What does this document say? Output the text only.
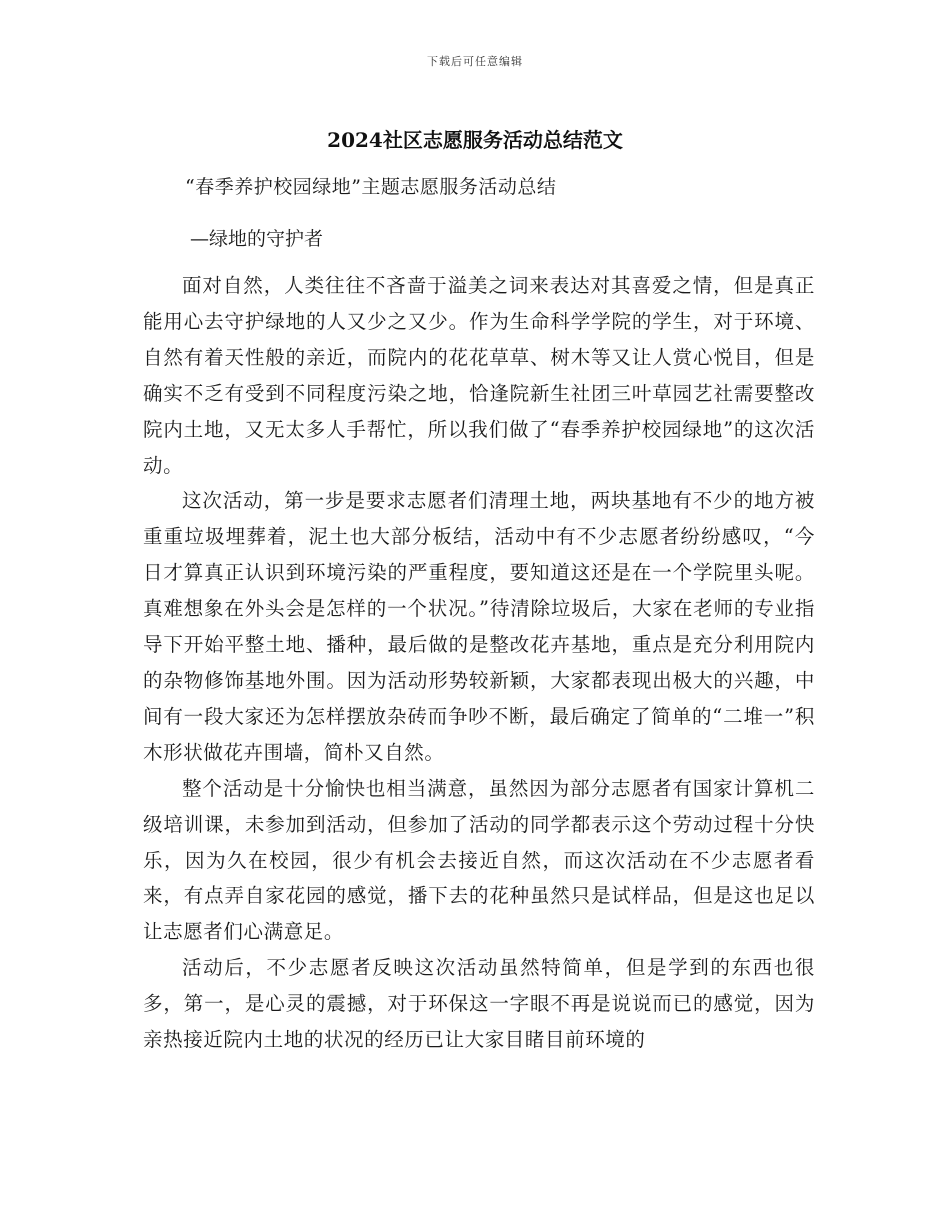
下载后可任意编辑
2024社区志愿服务活动总结范文
“春季养护校园绿地”主题志愿服务活动总结
—绿地的守护者

面对自然，人类往往不吝啬于溢美之词来表达对其喜爱之情，但是真正能用心去守护绿地的人又少之又少。作为生命科学学院的学生，对于环境、自然有着天性般的亲近，而院内的花花草草、树木等又让人赏心悦目，但是确实不乏有受到不同程度污染之地，恰逢院新生社团三叶草园艺社需要整改院内土地，又无太多人手帮忙，所以我们做了“春季养护校园绿地”的这次活动。

这次活动，第一步是要求志愿者们清理土地，两块基地有不少的地方被重重垃圾埋葬着，泥土也大部分板结，活动中有不少志愿者纷纷感叹，“今日才算真正认识到环境污染的严重程度，要知道这还是在一个学院里头呢。真难想象在外头会是怎样的一个状况。”待清除垃圾后，大家在老师的专业指导下开始平整土地、播种，最后做的是整改花卉基地，重点是充分利用院内的杂物修饰基地外围。因为活动形势较新颖，大家都表现出极大的兴趣，中间有一段大家还为怎样摆放杂砖而争吵不断，最后确定了简单的“二堆一”积木形状做花卉围墙，简朴又自然。

整个活动是十分愉快也相当满意，虽然因为部分志愿者有国家计算机二级培训课，未参加到活动，但参加了活动的同学都表示这个劳动过程十分快乐，因为久在校园，很少有机会去接近自然，而这次活动在不少志愿者看来，有点弄自家花园的感觉，播下去的花种虽然只是试样品，但是这也足以让志愿者们心满意足。

活动后，不少志愿者反映这次活动虽然特简单，但是学到的东西也很多，第一，是心灵的震撼，对于环保这一字眼不再是说说而已的感觉，因为亲热接近院内土地的状况的经历已让大家目睹目前环境的
